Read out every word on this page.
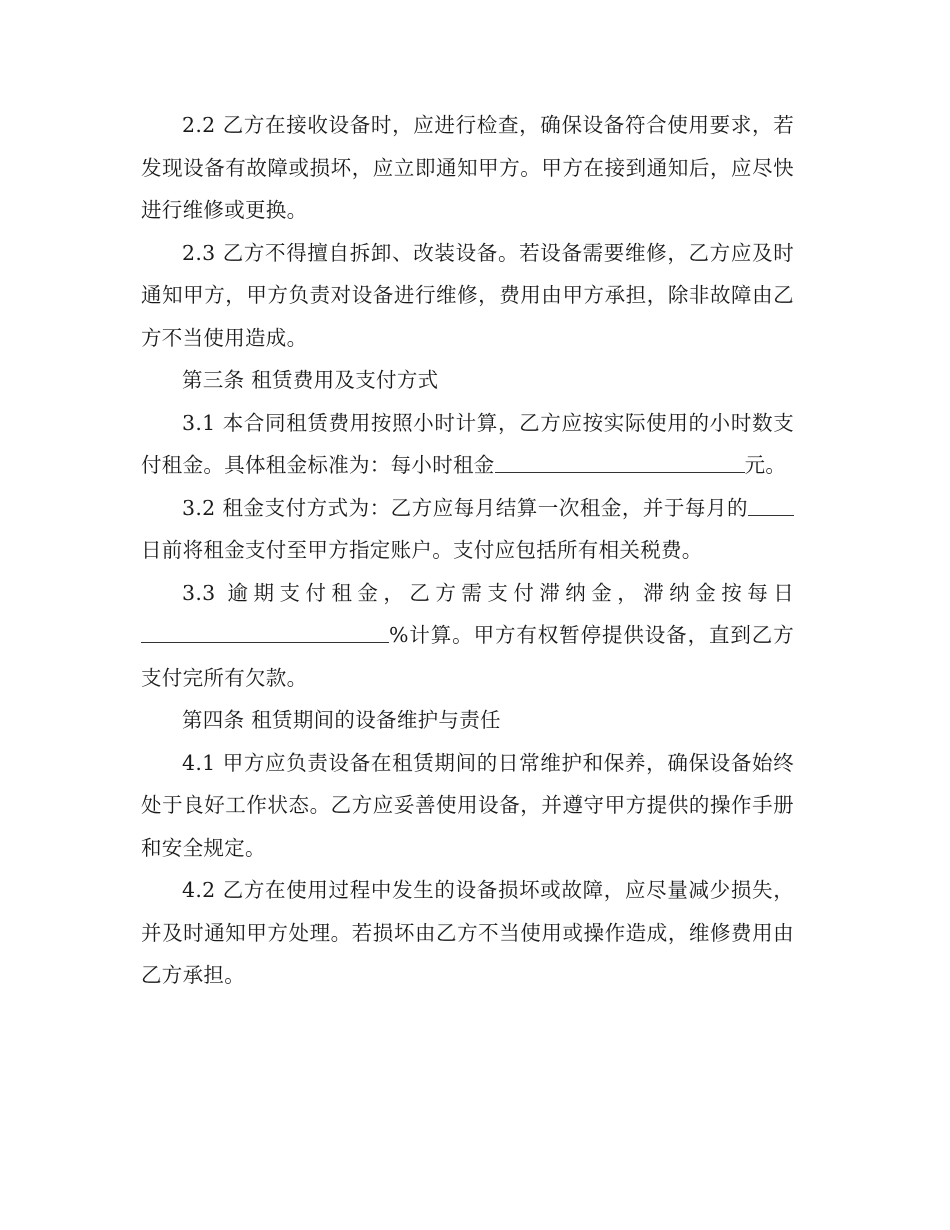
2.2 乙方在接收设备时，应进行检查，确保设备符合使用要求，若发现设备有故障或损坏，应立即通知甲方。甲方在接到通知后，应尽快进行维修或更换。

2.3 乙方不得擅自拆卸、改装设备。若设备需要维修，乙方应及时通知甲方，甲方负责对设备进行维修，费用由甲方承担，除非故障由乙方不当使用造成。

第三条 租赁费用及支付方式

3.1 本合同租赁费用按照小时计算，乙方应按实际使用的小时数支付租金。具体租金标准为：每小时租金	元。

3.2 租金支付方式为：乙方应每月结算一次租金，并于每月的日前将租金支付至甲方指定账户。支付应包括所有相关税费。

3.3 逾期支付租金，乙方需支付滞纳金，滞纳金按每日%计算。甲方有权暂停提供设备，直到乙方支付完所有欠款。

第四条 租赁期间的设备维护与责任

4.1 甲方应负责设备在租赁期间的日常维护和保养，确保设备始终处于良好工作状态。乙方应妥善使用设备，并遵守甲方提供的操作手册和安全规定。

4.2 乙方在使用过程中发生的设备损坏或故障，应尽量减少损失，并及时通知甲方处理。若损坏由乙方不当使用或操作造成，维修费用由乙方承担。
